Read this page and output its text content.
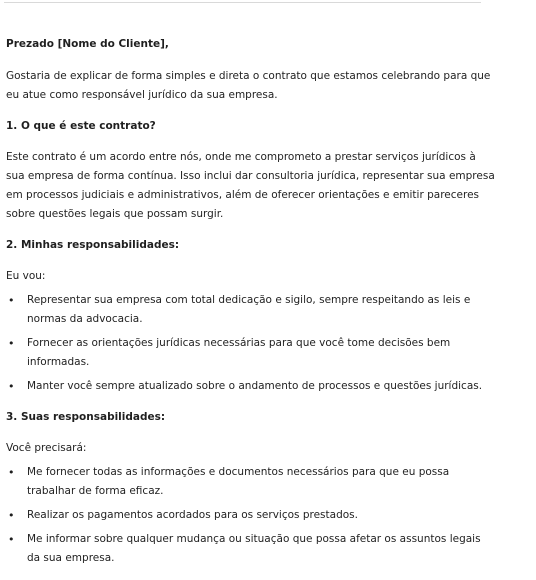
Prezado [Nome do Cliente],

Gostaria de explicar de forma simples e direta o contrato que estamos celebrando para que eu atue como responsável jurídico da sua empresa.

1. O que é este contrato?

Este contrato é um acordo entre nós, onde me comprometo a prestar serviços jurídicos à sua empresa de forma contínua. Isso inclui dar consultoria jurídica, representar sua empresa em processos judiciais e administrativos, além de oferecer orientações e emitir pareceres sobre questões legais que possam surgir.

2. Minhas responsabilidades:

Eu vou:

• Representar sua empresa com total dedicação e sigilo, sempre respeitando as leis e normas da advocacia.
• Fornecer as orientações jurídicas necessárias para que você tome decisões bem informadas.
• Manter você sempre atualizado sobre o andamento de processos e questões jurídicas.
3. Suas responsabilidades:

Você precisará:

• Me fornecer todas as informações e documentos necessários para que eu possa trabalhar de forma eficaz.
• Realizar os pagamentos acordados para os serviços prestados.
• Me informar sobre qualquer mudança ou situação que possa afetar os assuntos legais da sua empresa.
